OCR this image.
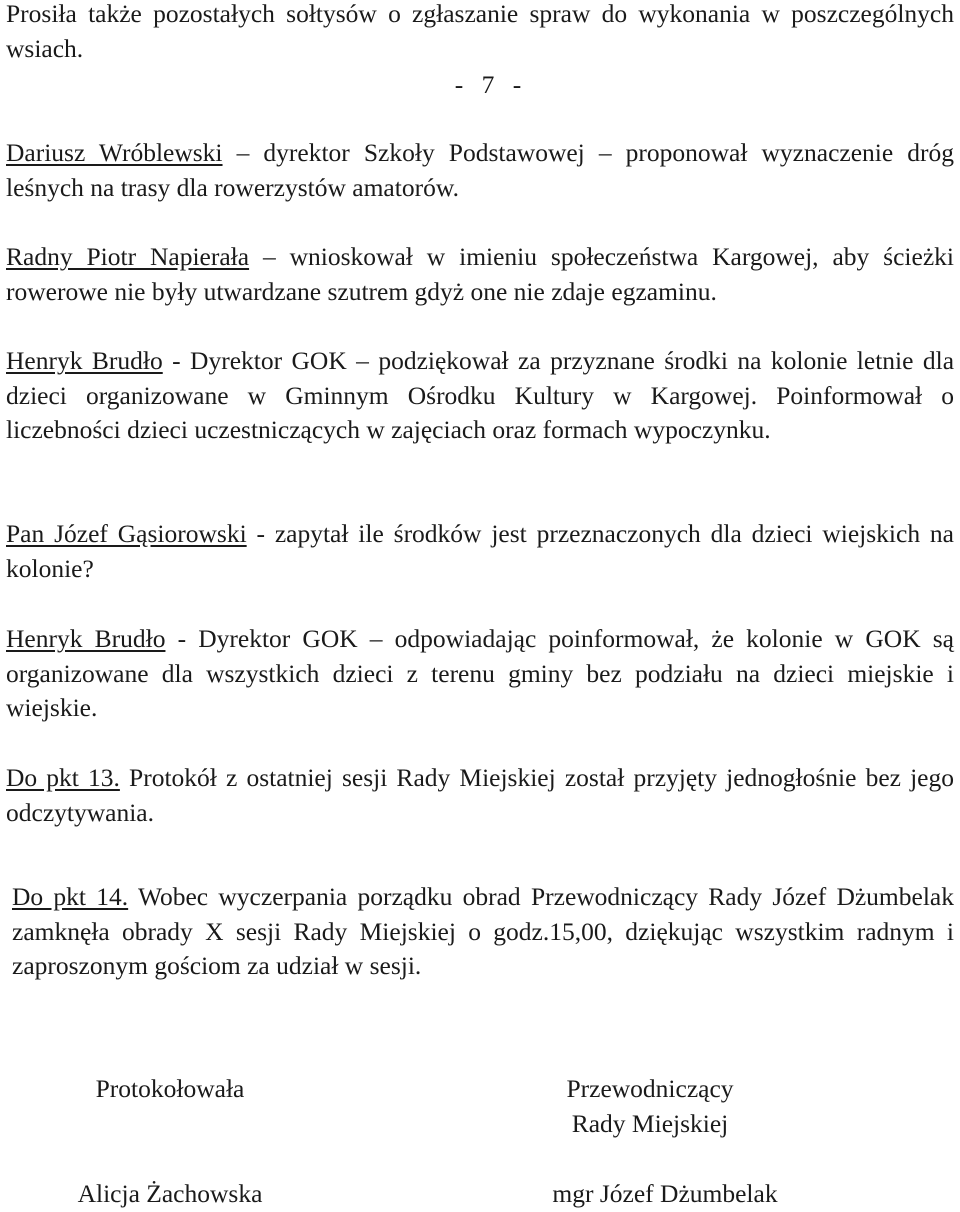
Prosiła także pozostałych sołtysów o zgłaszanie spraw do wykonania w poszczególnych wsiach.

- 7 -

Dariusz Wróblewski – dyrektor Szkoły Podstawowej – proponował wyznaczenie dróg leśnych na trasy dla rowerzystów amatorów.

Radny Piotr Napierała – wnioskował w imieniu społeczeństwa Kargowej, aby ścieżki rowerowe nie były utwardzane szutrem gdyż one nie zdaje egzaminu.

Henryk Brudło - Dyrektor GOK – podziękował za przyznane środki na kolonie letnie dla dzieci organizowane w Gminnym Ośrodku Kultury w Kargowej. Poinformował o liczebności dzieci uczestniczących w zajęciach oraz formach wypoczynku.

Pan Józef Gąsiorowski - zapytał ile środków jest przeznaczonych dla dzieci wiejskich na kolonie?

Henryk Brudło - Dyrektor GOK – odpowiadając poinformował, że kolonie w GOK są organizowane dla wszystkich dzieci z terenu gminy bez podziału na dzieci miejskie i wiejskie.

Do pkt 13. Protokół z ostatniej sesji Rady Miejskiej został przyjęty jednogłośnie bez jego odczytywania.

Do pkt 14. Wobec wyczerpania porządku obrad Przewodniczący Rady Józef Dżumbelak zamknęła obrady X sesji Rady Miejskiej o godz.15,00, dziękując wszystkim radnym i zaproszonym gościom za udział w sesji.

Protokołowała
Alicja Żachowska
Przewodniczący
Rady Miejskiej
mgr Józef Dżumbelak
